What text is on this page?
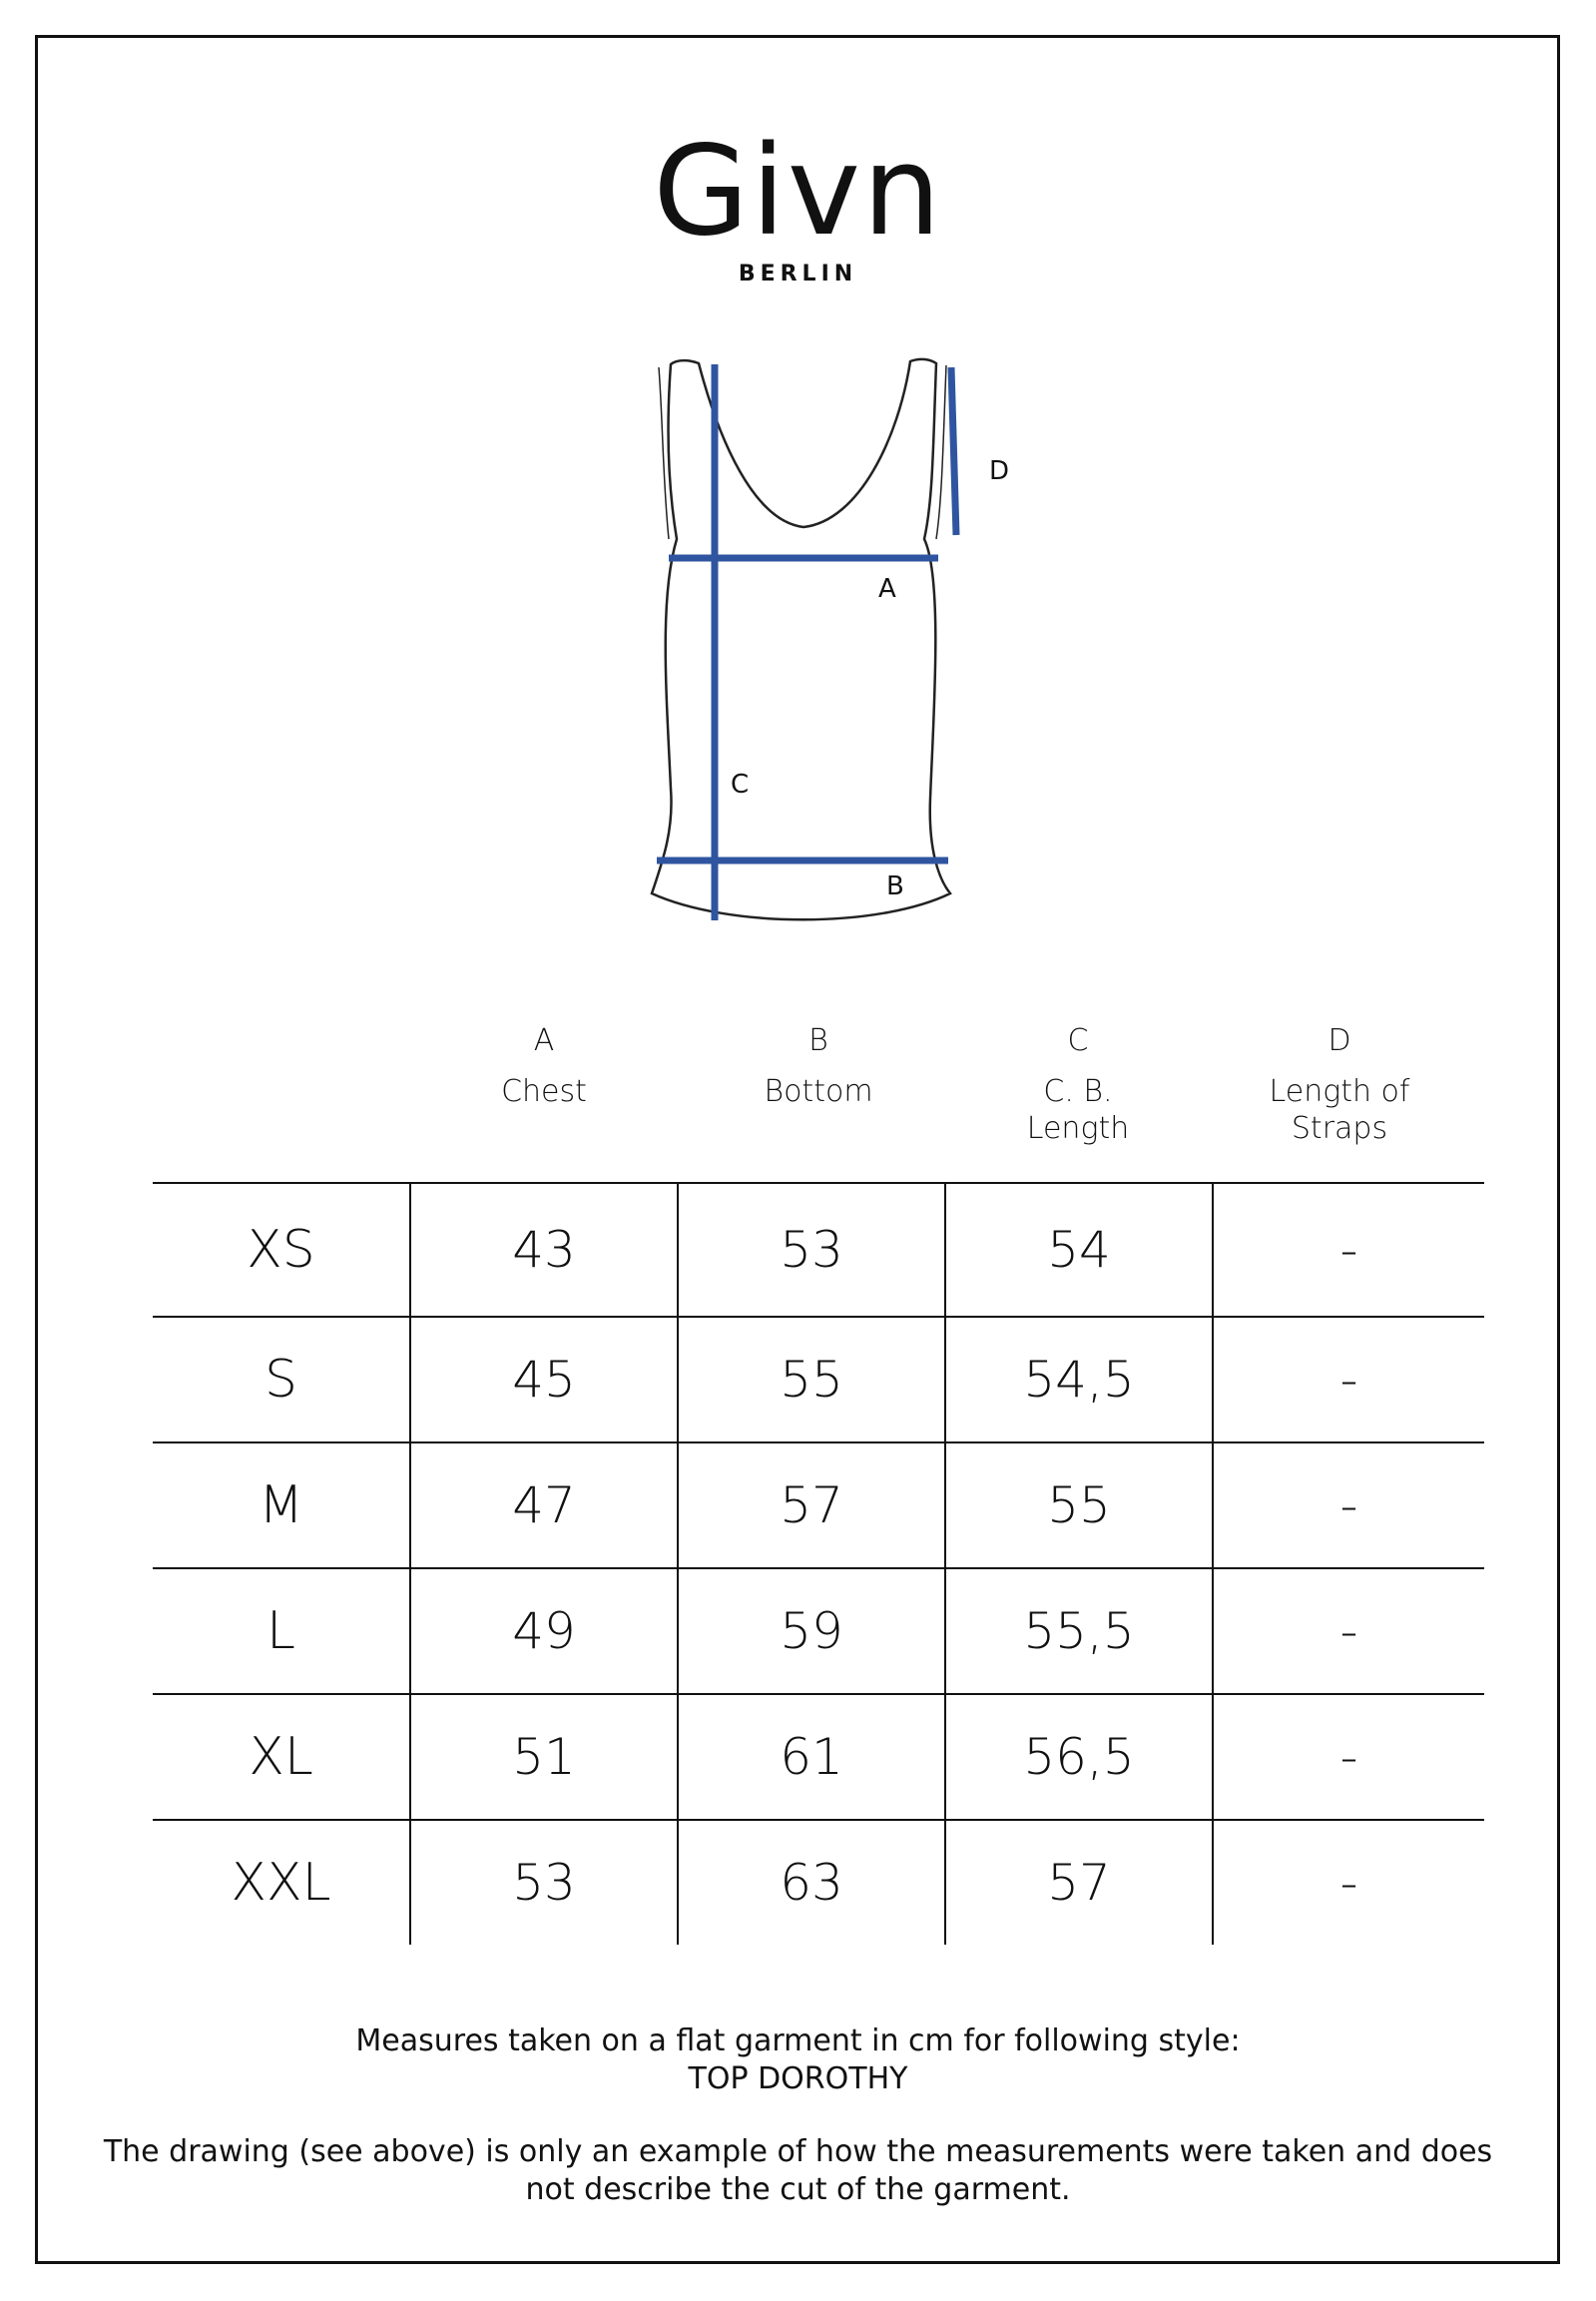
Givn
BERLIN
D
A
C
B
A
Chest
B
Bottom
C
C. B. Length
D
Length of Straps
XS	43	53	54	-
S	45	55	54,5	-
M	47	57	55	-
L	49	59	55,5	-
XL	51	61	56,5	-
XXL	53	63	57	-
Measures taken on a flat garment in cm for following style:
TOP DOROTHY
The drawing (see above) is only an example of how the measurements were taken and does
not describe the cut of the garment.
